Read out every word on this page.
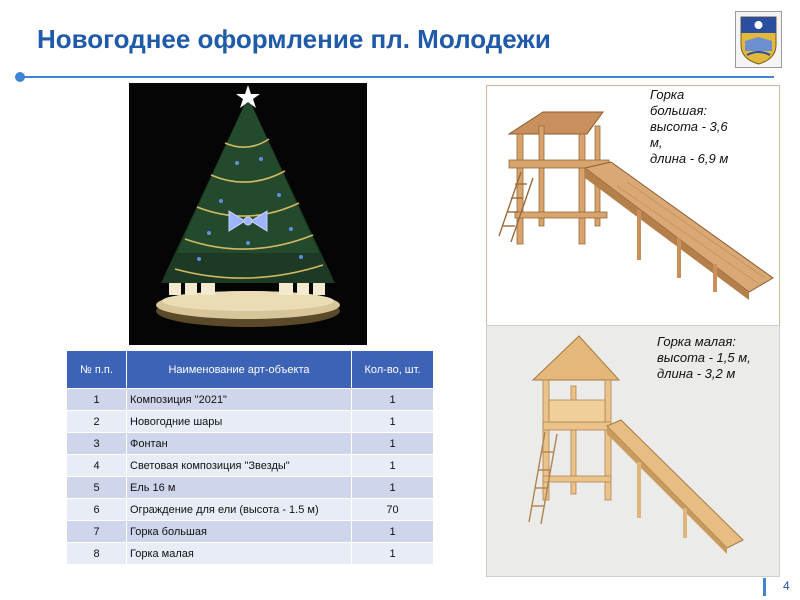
Новогоднее оформление пл. Молодежи
Горка
большая:
высота - 3,6
м,
длина - 6,9 м
Горка малая:
высота - 1,5 м,
длина - 3,2 м
№ п.п.	Наименование арт-объекта	Кол-во, шт.
1	Композиция "2021"	1
2	Новогодние шары	1
3	Фонтан	1
4	Световая композиция "Звезды"	1
5	Ель 16 м	1
6	Ограждение для ели (высота - 1.5 м)	70
7	Горка большая	1
8	Горка малая	1
4
